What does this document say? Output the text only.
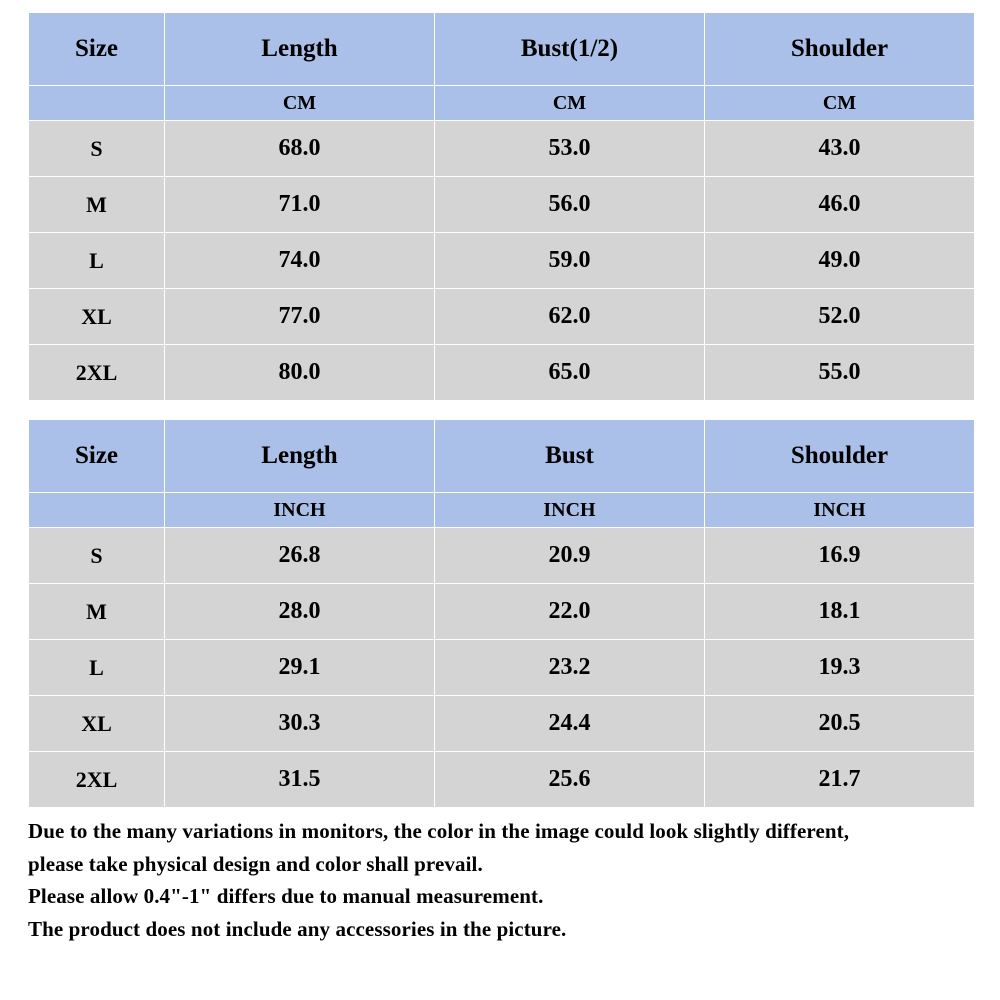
Size	Length	Bust(1/2)	Shoulder
	CM	CM	CM
S	68.0	53.0	43.0
M	71.0	56.0	46.0
L	74.0	59.0	49.0
XL	77.0	62.0	52.0
2XL	80.0	65.0	55.0
Size	Length	Bust	Shoulder
	INCH	INCH	INCH
S	26.8	20.9	16.9
M	28.0	22.0	18.1
L	29.1	23.2	19.3
XL	30.3	24.4	20.5
2XL	31.5	25.6	21.7

Due to the many variations in monitors, the color in the image could look slightly different,

please take physical design and color shall prevail.

Please allow 0.4"-1" differs due to manual measurement.

The product does not include any accessories in the picture.
